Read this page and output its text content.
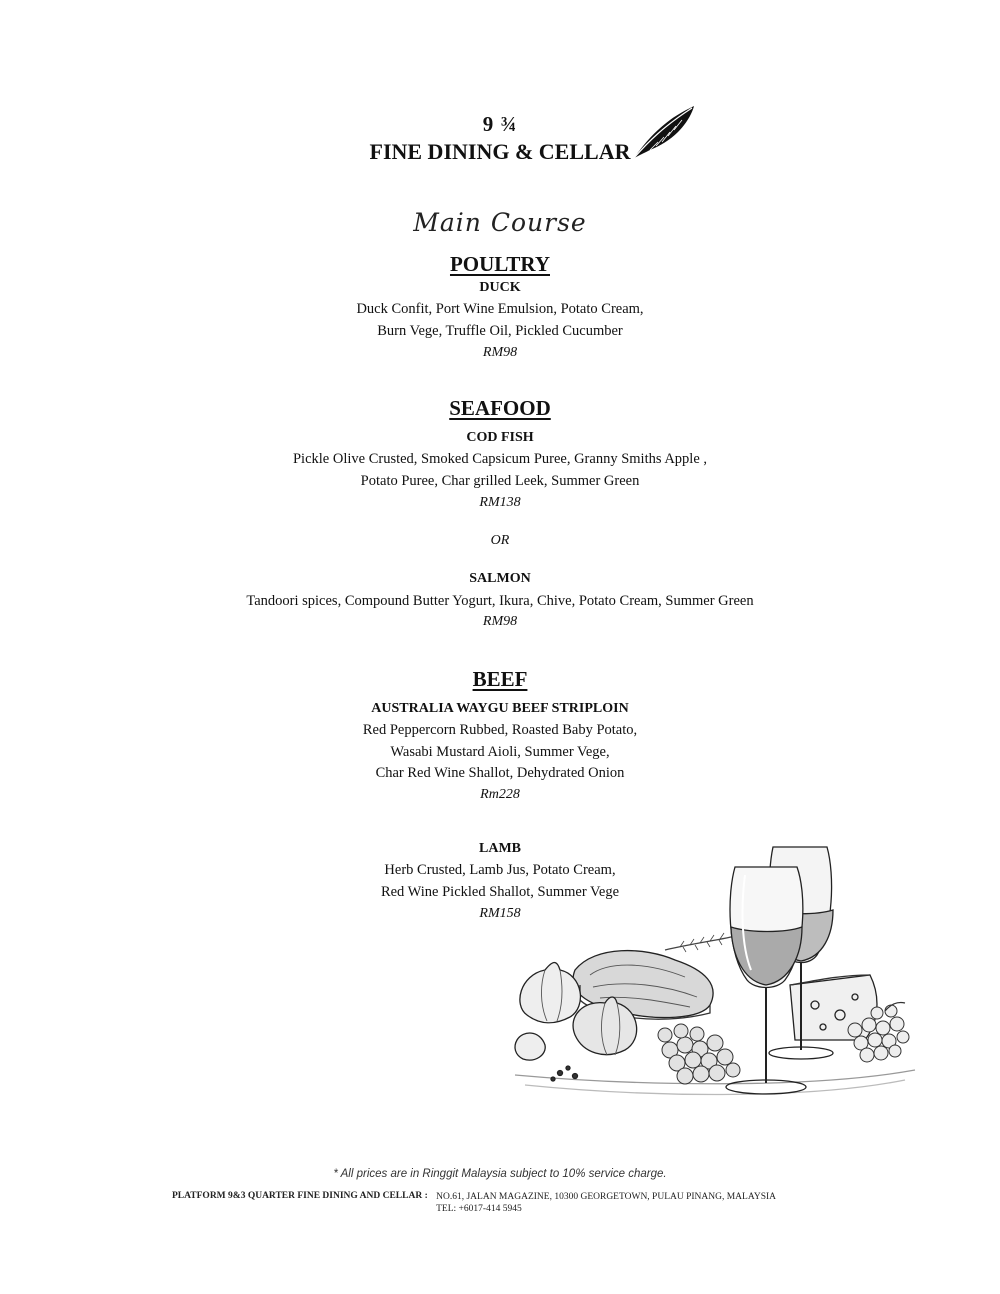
9 ¾
FINE DINING & CELLAR
Main Course
POULTRY
DUCK
Duck Confit, Port Wine Emulsion, Potato Cream,
Burn Vege, Truffle Oil, Pickled Cucumber
RM98
SEAFOOD
COD FISH
Pickle Olive Crusted, Smoked Capsicum Puree, Granny Smiths Apple ,
Potato Puree, Char grilled Leek, Summer Green
RM138
OR
SALMON
Tandoori spices, Compound Butter Yogurt, Ikura, Chive, Potato Cream, Summer Green
RM98
BEEF
AUSTRALIA WAYGU BEEF STRIPLOIN
Red Peppercorn Rubbed, Roasted Baby Potato,
Wasabi Mustard Aioli, Summer Vege,
Char Red Wine Shallot, Dehydrated Onion
Rm228
LAMB
Herb Crusted, Lamb Jus, Potato Cream,
Red Wine Pickled Shallot, Summer Vege
RM158
* All prices are in Ringgit Malaysia subject to 10% service charge.
PLATFORM 9&3 QUARTER FINE DINING AND CELLAR : NO.61, JALAN MAGAZINE, 10300 GEORGETOWN, PULAU PINANG, MALAYSIA
TEL: +6017-414 5945
